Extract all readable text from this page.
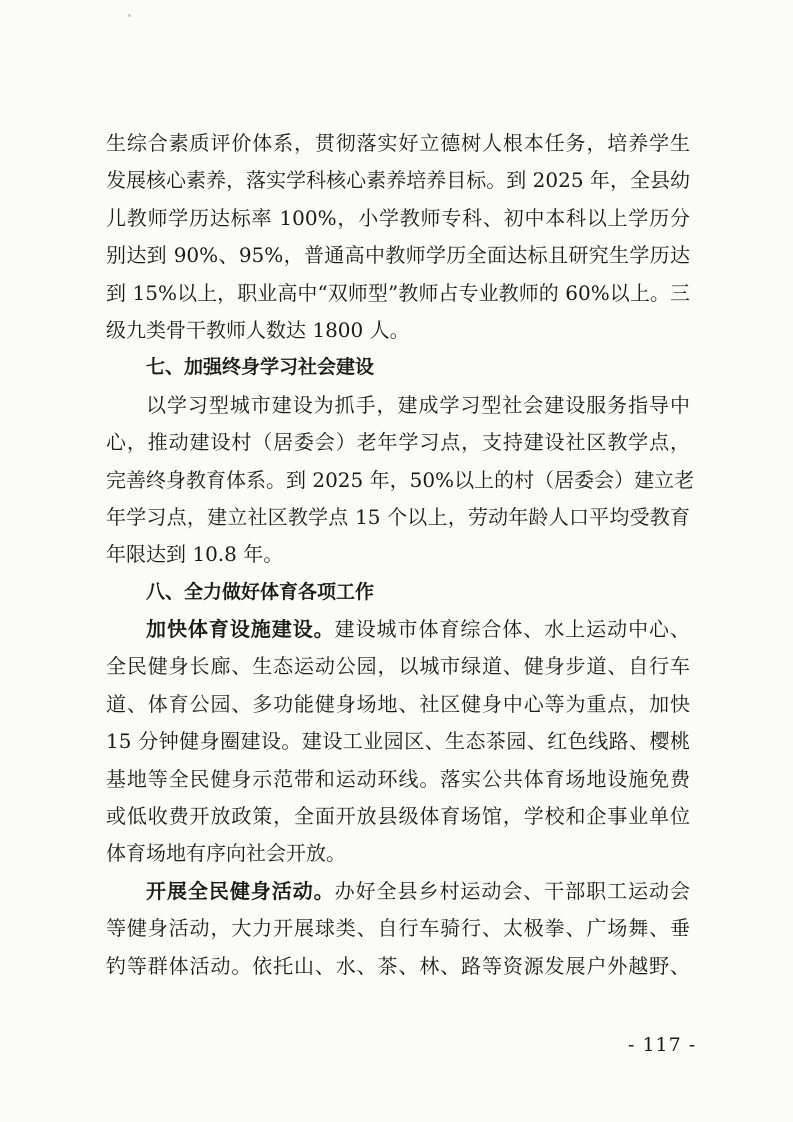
生综合素质评价体系，贯彻落实好立德树人根本任务，培养学生
发展核心素养，落实学科核心素养培养目标。到 2025 年，全县幼
儿教师学历达标率 100%，小学教师专科、初中本科以上学历分
别达到 90%、95%，普通高中教师学历全面达标且研究生学历达
到 15%以上，职业高中“双师型”教师占专业教师的 60%以上。三
级九类骨干教师人数达 1800 人。
七、加强终身学习社会建设
以学习型城市建设为抓手，建成学习型社会建设服务指导中
心，推动建设村（居委会）老年学习点，支持建设社区教学点，
完善终身教育体系。到 2025 年，50%以上的村（居委会）建立老
年学习点，建立社区教学点 15 个以上，劳动年龄人口平均受教育
年限达到 10.8 年。
八、全力做好体育各项工作
加快体育设施建设。建设城市体育综合体、水上运动中心、
全民健身长廊、生态运动公园，以城市绿道、健身步道、自行车
道、体育公园、多功能健身场地、社区健身中心等为重点，加快
15 分钟健身圈建设。建设工业园区、生态茶园、红色线路、樱桃
基地等全民健身示范带和运动环线。落实公共体育场地设施免费
或低收费开放政策，全面开放县级体育场馆，学校和企事业单位
体育场地有序向社会开放。
开展全民健身活动。办好全县乡村运动会、干部职工运动会
等健身活动，大力开展球类、自行车骑行、太极拳、广场舞、垂
钓等群体活动。依托山、水、茶、林、路等资源发展户外越野、
- 117 -
